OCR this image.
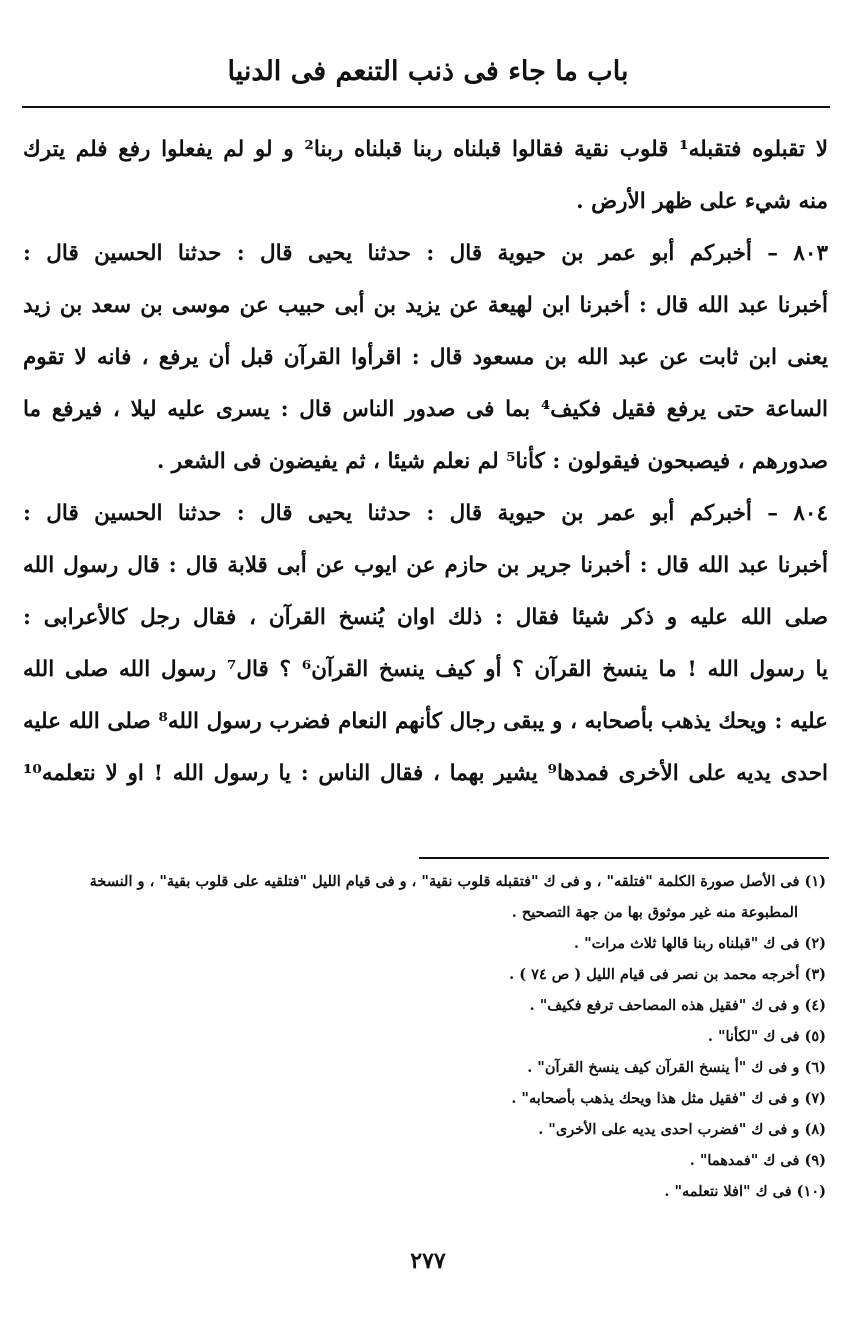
باب ما جاء فى ذنب التنعم فى الدنيا
لا تقبلوه فتقبله¹ قلوب نقية فقالوا قبلناه ربنا قبلناه ربنا² و لو لم يفعلوا رفع فلم يترك
منه شيء على ظهر الأرض .
٨٠٣ – أخبركم أبو عمر بن حيوية قال : حدثنا يحيى قال : حدثنا الحسين قال :
أخبرنا عبد الله قال : أخبرنا ابن لهيعة عن يزيد بن أبى حبيب عن موسى بن سعد بن زيد
يعنى ابن ثابت عن عبد الله بن مسعود قال : اقرأوا القرآن قبل أن يرفع ، فانه لا تقوم
الساعة حتى يرفع فقيل فكيف⁴ بما فى صدور الناس قال : يسرى عليه ليلا ، فيرفع ما
صدورهم ، فيصبحون فيقولون : كأنا⁵ لم نعلم شيئا ، ثم يفيضون فى الشعر .
٨٠٤ – أخبركم أبو عمر بن حيوية قال : حدثنا يحيى قال : حدثنا الحسين قال :
أخبرنا عبد الله قال : أخبرنا جرير بن حازم عن ايوب عن أبى قلابة قال : قال رسول الله
صلى الله عليه و ذكر شيئا فقال : ذلك اوان يُنسخ القرآن ، فقال رجل كالأعرابى :
يا رسول الله ! ما ينسخ القرآن ؟ أو كيف ينسخ القرآن⁶ ؟ قال⁷ رسول الله صلى الله
عليه : ويحك يذهب بأصحابه ، و يبقى رجال كأنهم النعام فضرب رسول الله⁸ صلى الله عليه
احدى يديه على الأخرى فمدها⁹ يشير بهما ، فقال الناس : يا رسول الله ! او لا نتعلمه¹⁰
(١) فى الأصل صورة الكلمة "فتلقه" ، و فى ك "فتقبله قلوب نقية" ، و فى قيام الليل "فتلقيه على قلوب بقية" ، و النسخة
المطبوعة منه غير موثوق بها من جهة التصحيح .
(٢) فى ك "قبلناه ربنا قالها ثلاث مرات" .
(٣) أخرجه محمد بن نصر فى قيام الليل ( ص ٧٤ ) .
(٤) و فى ك "فقيل هذه المصاحف ترفع فكيف" .
(٥) فى ك "لكأنا" .
(٦) و فى ك "أ ينسخ القرآن كيف ينسخ القرآن" .
(٧) و فى ك "فقيل مثل هذا ويحك يذهب بأصحابه" .
(٨) و فى ك "فضرب احدى يديه على الأخرى" .
(٩) فى ك "فمدهما" .
(١٠) فى ك "افلا نتعلمه" .
٢٧٧
